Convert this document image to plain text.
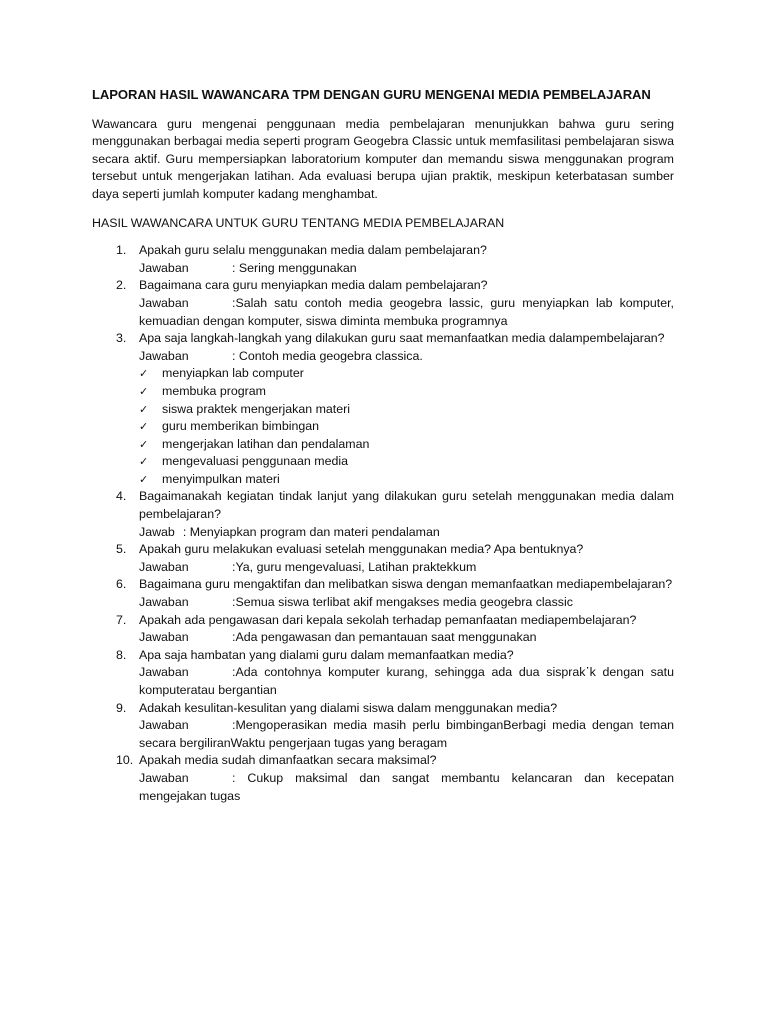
LAPORAN HASIL WAWANCARA TPM DENGAN GURU MENGENAI MEDIA PEMBELAJARAN

Wawancara guru mengenai penggunaan media pembelajaran menunjukkan bahwa guru sering menggunakan berbagai media seperti program Geogebra Classic untuk memfasilitasi pembelajaran siswa secara aktif. Guru mempersiapkan laboratorium komputer dan memandu siswa menggunakan program tersebut untuk mengerjakan latihan. Ada evaluasi berupa ujian praktik, meskipun keterbatasan sumber daya seperti jumlah komputer kadang menghambat.

HASIL WAWANCARA UNTUK GURU TENTANG MEDIA PEMBELAJARAN
1. Apakah guru selalu menggunakan media dalam pembelajaran?
Jawaban	: Sering menggunakan
2. Bagaimana cara guru menyiapkan media dalam pembelajaran?
Jawaban	:Salah satu contoh media geogebra lassic, guru menyiapkan lab komputer, kemuadian dengan komputer, siswa diminta membuka programnya
3. Apa saja langkah-langkah yang dilakukan guru saat memanfaatkan media dalampembelajaran?
Jawaban	: Contoh media geogebra classica.
✓ menyiapkan lab computer
✓ membuka program
✓ siswa praktek mengerjakan materi
✓ guru memberikan bimbingan
✓ mengerjakan latihan dan pendalaman
✓ mengevaluasi penggunaan media
✓ menyimpulkan materi
4. Bagaimanakah kegiatan tindak lanjut yang dilakukan guru setelah menggunakan media dalam pembelajaran?
Jawab : Menyiapkan program dan materi pendalaman
5. Apakah guru melakukan evaluasi setelah menggunakan media? Apa bentuknya?
Jawaban	:Ya, guru mengevaluasi, Latihan praktekkum
6. Bagaimana guru mengaktifan dan melibatkan siswa dengan memanfaatkan mediapembelajaran?
Jawaban	:Semua siswa terlibat akif mengakses media geogebra classic
7. Apakah ada pengawasan dari kepala sekolah terhadap pemanfaatan mediapembelajaran?
Jawaban	:Ada pengawasan dan pemantauan saat menggunakan
8. Apa saja hambatan yang dialami guru dalam memanfaatkan media?
Jawaban	:Ada contohnya komputer kurang, sehingga ada dua sisprak᾽k dengan satu komputeratau bergantian
9. Adakah kesulitan-kesulitan yang dialami siswa dalam menggunakan media?
Jawaban	:Mengoperasikan media masih perlu bimbinganBerbagi media dengan teman secara bergiliranWaktu pengerjaan tugas yang beragam
10. Apakah media sudah dimanfaatkan secara maksimal?
Jawaban	: Cukup maksimal dan sangat membantu kelancaran dan kecepatan mengejakan tugas
